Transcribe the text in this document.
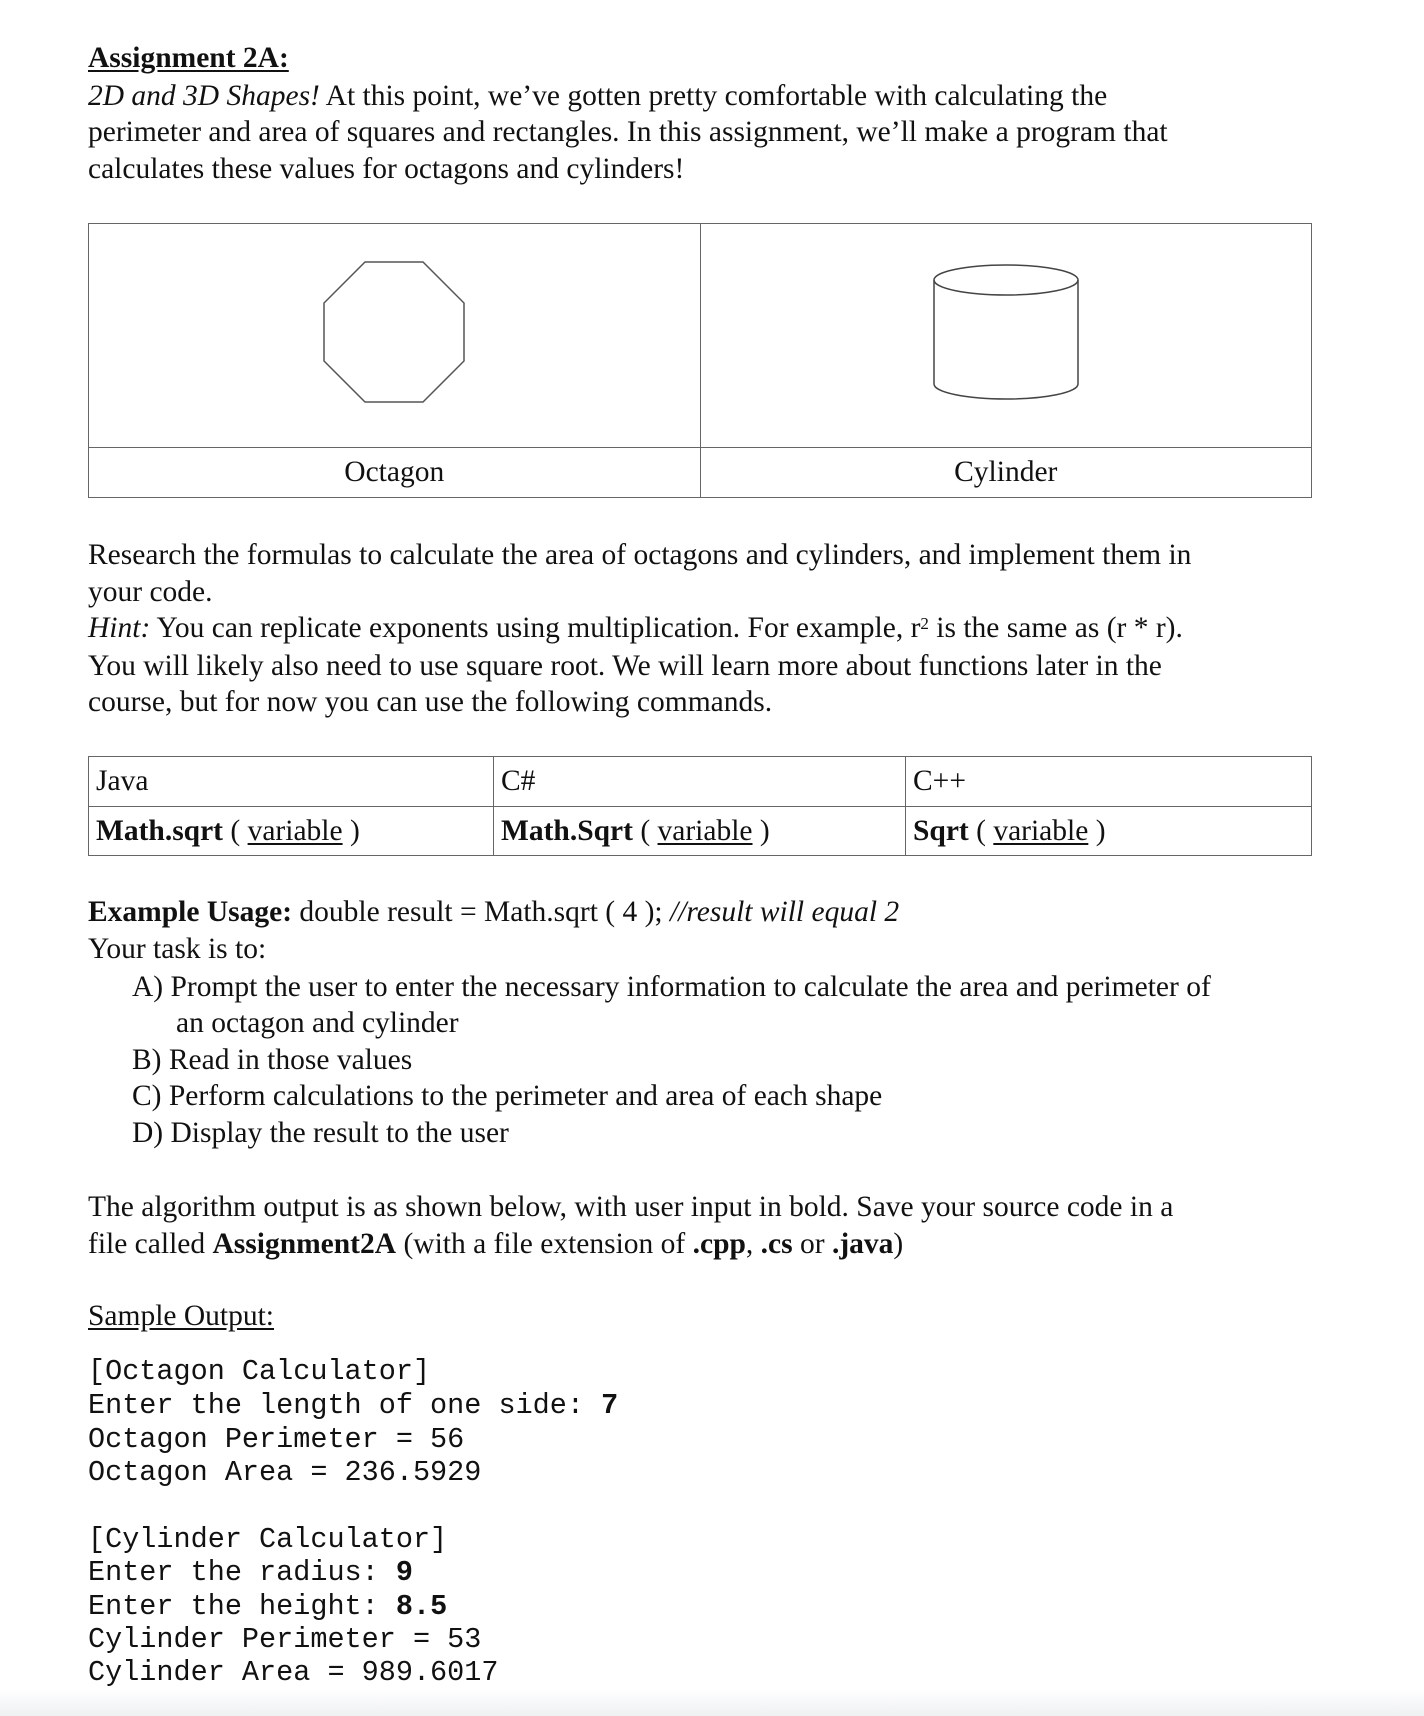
Assignment 2A:
2D and 3D Shapes! At this point, we’ve gotten pretty comfortable with calculating the
perimeter and area of squares and rectangles. In this assignment, we’ll make a program that
calculates these values for octagons and cylinders!

Octagon	Cylinder
Research the formulas to calculate the area of octagons and cylinders, and implement them in
your code.
Hint: You can replicate exponents using multiplication. For example, $r^2$ is the same as (r * r).
You will likely also need to use square root. We will learn more about functions later in the
course, but for now you can use the following commands.
Java	C#	C++
Math.sqrt ( variable )	Math.Sqrt ( variable )	Sqrt ( variable )
Example Usage: double result = Math.sqrt ( 4 ); //result will equal 2
Your task is to:
A) Prompt the user to enter the necessary information to calculate the area and perimeter of
an octagon and cylinder
B) Read in those values
C) Perform calculations to the perimeter and area of each shape
D) Display the result to the user
The algorithm output is as shown below, with user input in bold. Save your source code in a
file called Assignment2A (with a file extension of .cpp, .cs or .java)
Sample Output:
[Octagon Calculator]
Enter the length of one side: 7
Octagon Perimeter = 56
Octagon Area = 236.5929
[Cylinder Calculator]
Enter the radius: 9
Enter the height: 8.5
Cylinder Perimeter = 53
Cylinder Area = 989.6017
